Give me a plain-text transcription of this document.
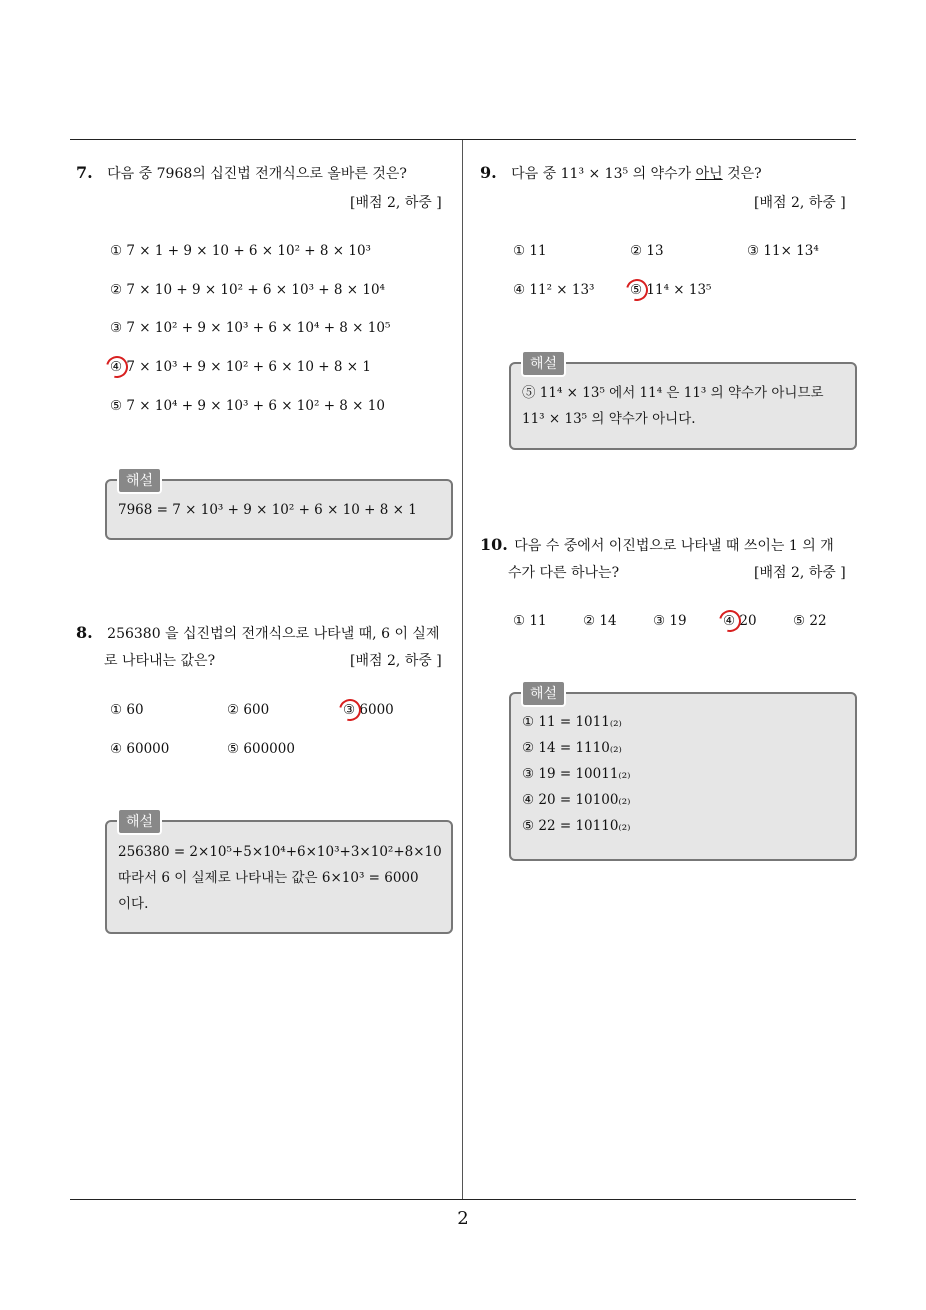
7. 다음 중 7968의 십진법 전개식으로 올바른 것은?
[배점 2, 하중 ]
① 7 × 1 + 9 × 10 + 6 × 10² + 8 × 10³
② 7 × 10 + 9 × 10² + 6 × 10³ + 8 × 10⁴
③ 7 × 10² + 9 × 10³ + 6 × 10⁴ + 8 × 10⁵
④ 7 × 10³ + 9 × 10² + 6 × 10 + 8 × 1
⑤ 7 × 10⁴ + 9 × 10³ + 6 × 10² + 8 × 10
해설
7968 = 7 × 10³ + 9 × 10² + 6 × 10 + 8 × 1
8. 256380 을 십진법의 전개식으로 나타낼 때, 6 이 실제
로 나타내는 값은?	[배점 2, 하중 ]
① 60	② 600	③ 6000
④ 60000	⑤ 600000
해설
256380 = 2×10⁵+5×10⁴+6×10³+3×10²+8×10
따라서 6 이 실제로 나타내는 값은 6×10³ = 6000
이다.
9. 다음 중 11³ × 13⁵ 의 약수가 아닌 것은?
[배점 2, 하중 ]
① 11	② 13	③ 11× 13⁴
④ 11² × 13³	⑤ 11⁴ × 13⁵
해설
⑤ 11⁴ × 13⁵ 에서 11⁴ 은 11³ 의 약수가 아니므로
11³ × 13⁵ 의 약수가 아니다.
10. 다음 수 중에서 이진법으로 나타낼 때 쓰이는 1 의 개
수가 다른 하나는?	[배점 2, 하중 ]
① 11	② 14	③ 19	④ 20	⑤ 22
해설
① 11 = 1011₍₂₎
② 14 = 1110₍₂₎
③ 19 = 10011₍₂₎
④ 20 = 10100₍₂₎
⑤ 22 = 10110₍₂₎
2
